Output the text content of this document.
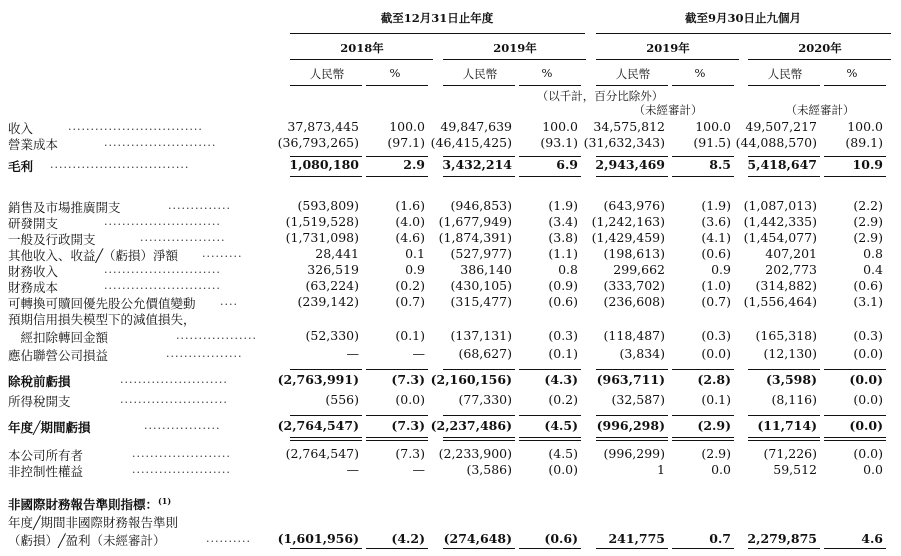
截至12月31日止年度	截至9月30日止九個月
2018年	2019年	2019年	2020年
人民幣	%	人民幣	%	人民幣	%	人民幣	%
（以千計，百分比除外）
（未經審計）	（未經審計）
收入	..............................	37,873,445 100.0 49,847,639 100.0 34,575,812 100.0 49,507,217 100.0
營業成本	.........................	(36,793,265) (97.1) (46,415,425) (93.1) (31,632,343) (91.5) (44,088,570) (89.1)
毛利 ...............................	1,080,180	2.9 3,432,214	6.9 2,943,469	8.5 5,418,647	10.9
銷售及市場推廣開支	..............	(593,809)	(1.6) (946,853)	(1.9) (643,976)	(1.9) (1,087,013)	(2.2)
研發開支	..........................	(1,519,528)	(4.0) (1,677,949)	(3.4) (1,242,163)	(3.6) (1,442,335)	(2.9)
一般及行政開支	...................	(1,731,098)	(4.6) (1,874,391)	(3.8) (1,429,459)	(4.1) (1,454,077)	(2.9)
其他收入、收益╱（虧損）淨額 .........	28,441	0.1 (527,977)	(1.1) (198,613)	(0.6)	407,201	0.8
財務收入	..........................	326,519	0.9	386,140	0.8	299,662	0.9	202,773	0.4
財務成本	..........................	(63,224)	(0.2) (430,105)	(0.9) (333,702)	(1.0) (314,882)	(0.6)
可轉換可贖回優先股公允價值變動 ....	(239,142)	(0.7) (315,477)	(0.6) (236,608)	(0.7) (1,556,464)	(3.1)
預期信用損失模型下的減值損失，
　經扣除轉回金額	..................	(52,330)	(0.1) (137,131)	(0.3) (118,487)	(0.3) (165,318)	(0.3)
應佔聯營公司損益	.................	—	—	(68,627)	(0.1)	(3,834)	(0.0)	(12,130)	(0.0)
除稅前虧損	........................	(2,763,991)	(7.3) (2,160,156)	(4.3) (963,711)	(2.8)	(3,598)	(0.0)
所得稅開支	........................	(556)	(0.0)	(77,330)	(0.2)	(32,587)	(0.1)	(8,116)	(0.0)
年度╱期間虧損	.................	(2,764,547)	(7.3) (2,237,486)	(4.5) (996,298)	(2.9) (11,714)	(0.0)
本公司所有者	......................	(2,764,547)	(7.3) (2,233,900)	(4.5) (996,299)	(2.9)	(71,226)	(0.0)
非控制性權益	......................	—	—	(3,586)	(0.0)	1	0.0	59,512	0.0
非國際財務報告準則指標：$^{(1)}$
年度╱期間非國際財務報告準則
（虧損）╱盈利（未經審計）	.......... (1,601,956)	(4.2) (274,648)	(0.6) 241,775	0.7 2,279,875	4.6
